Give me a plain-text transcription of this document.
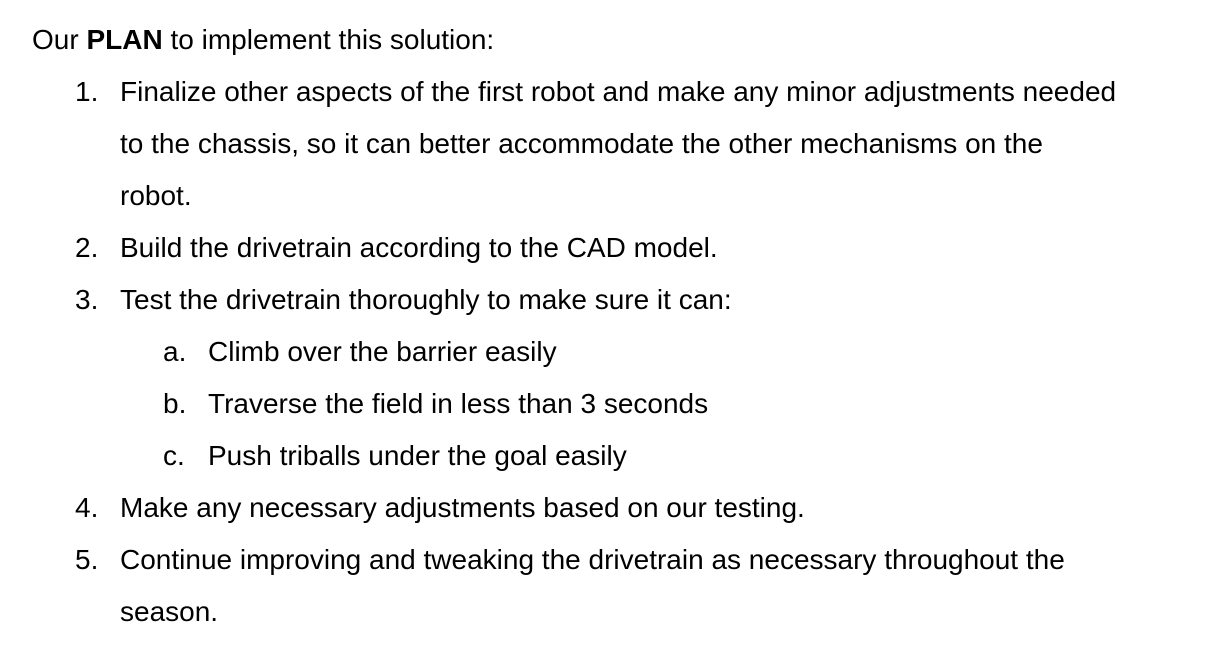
Our PLAN to implement this solution:
1. Finalize other aspects of the first robot and make any minor adjustments needed
to the chassis, so it can better accommodate the other mechanisms on the
robot.
2. Build the drivetrain according to the CAD model.
3. Test the drivetrain thoroughly to make sure it can:
a. Climb over the barrier easily
b. Traverse the field in less than 3 seconds
c. Push triballs under the goal easily
4. Make any necessary adjustments based on our testing.
5. Continue improving and tweaking the drivetrain as necessary throughout the
season.
